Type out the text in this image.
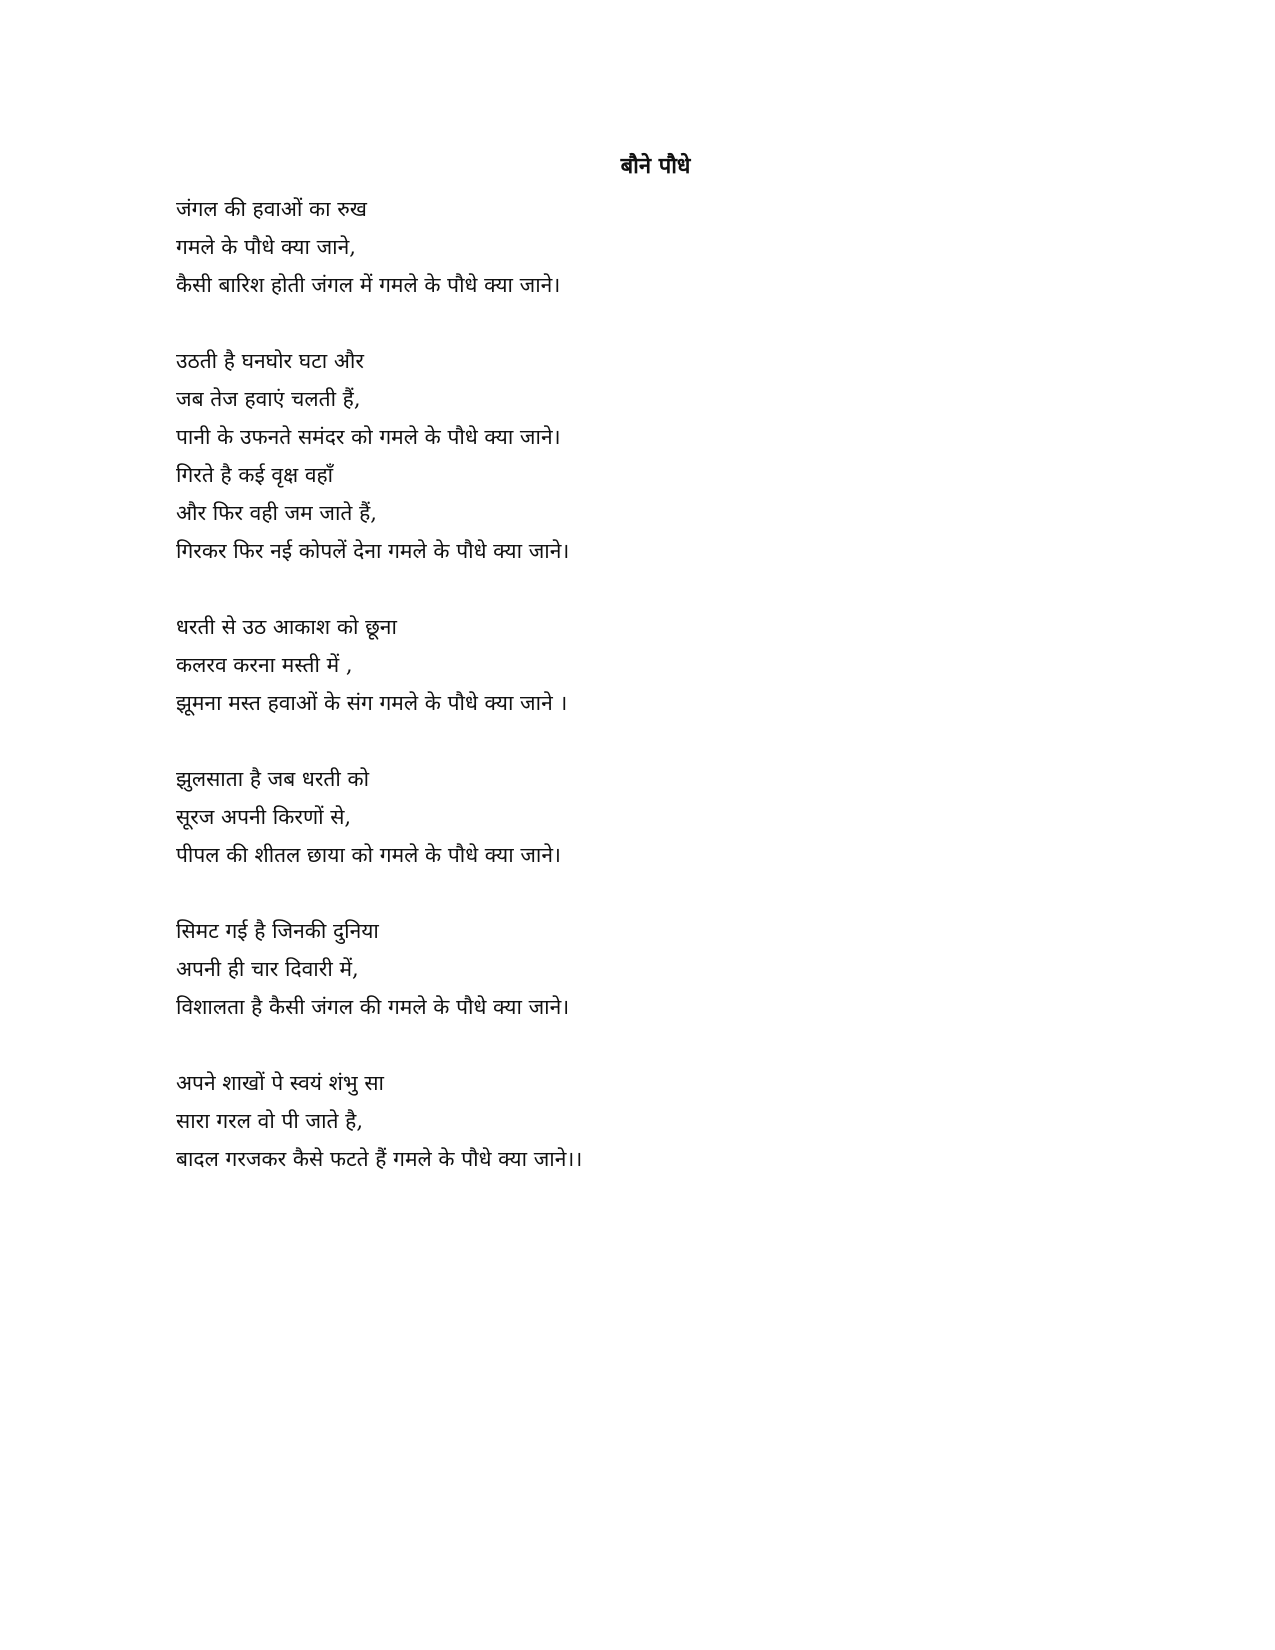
बौने पौधे
जंगल की हवाओं का रुख
गमले के पौधे क्या जाने,
कैसी बारिश होती जंगल में गमले के पौधे क्या जाने।
उठती है घनघोर घटा और
जब तेज हवाएं चलती हैं,
पानी के उफनते समंदर को गमले के पौधे क्या जाने।
गिरते है कई वृक्ष वहाँ
और फिर वही जम जाते हैं,
गिरकर फिर नई कोपलें देना गमले के पौधे क्या जाने।
धरती से उठ आकाश को छूना
कलरव करना मस्ती में ,
झूमना मस्त हवाओं के संग गमले के पौधे क्या जाने ।
झुलसाता है जब धरती को
सूरज अपनी किरणों से,
पीपल की शीतल छाया को गमले के पौधे क्या जाने।
सिमट गई है जिनकी दुनिया
अपनी ही चार दिवारी में,
विशालता है कैसी जंगल की गमले के पौधे क्या जाने।
अपने शाखों पे स्वयं शंभु सा
सारा गरल वो पी जाते है,
बादल गरजकर कैसे फटते हैं गमले के पौधे क्या जाने।।
